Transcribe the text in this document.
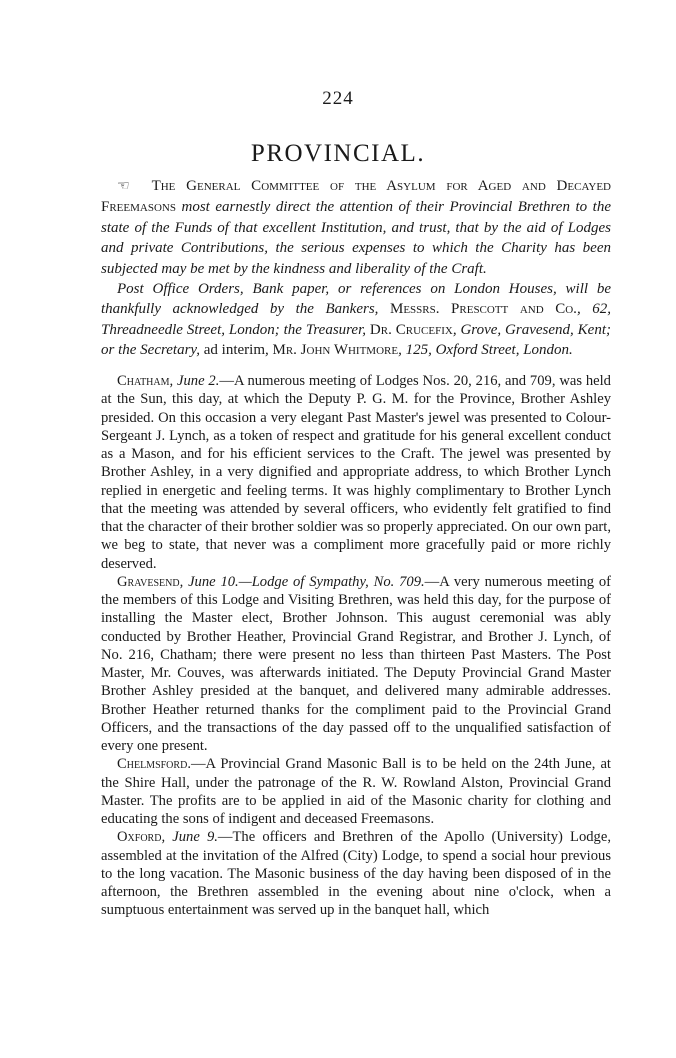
224
PROVINCIAL.

☞ The General Committee of the Asylum for Aged and Decayed Freemasons most earnestly direct the attention of their Provincial Brethren to the state of the Funds of that excellent Institution, and trust, that by the aid of Lodges and private Contributions, the serious expenses to which the Charity has been subjected may be met by the kindness and liberality of the Craft.

Post Office Orders, Bank paper, or references on London Houses, will be thankfully acknowledged by the Bankers, Messrs. Prescott and Co., 62, Threadneedle Street, London; the Treasurer, Dr. Crucefix, Grove, Gravesend, Kent; or the Secretary, ad interim, Mr. John Whitmore, 125, Oxford Street, London.

Chatham, June 2.—A numerous meeting of Lodges Nos. 20, 216, and 709, was held at the Sun, this day, at which the Deputy P. G. M. for the Province, Brother Ashley presided. On this occasion a very elegant Past Master's jewel was presented to Colour-Sergeant J. Lynch, as a token of respect and gratitude for his general excellent conduct as a Mason, and for his efficient services to the Craft. The jewel was presented by Brother Ashley, in a very dignified and appropriate address, to which Brother Lynch replied in energetic and feeling terms. It was highly complimentary to Brother Lynch that the meeting was attended by several officers, who evidently felt gratified to find that the character of their brother soldier was so properly appreciated. On our own part, we beg to state, that never was a compliment more gracefully paid or more richly deserved.

Gravesend, June 10.—Lodge of Sympathy, No. 709.—A very numerous meeting of the members of this Lodge and Visiting Brethren, was held this day, for the purpose of installing the Master elect, Brother Johnson. This august ceremonial was ably conducted by Brother Heather, Provincial Grand Registrar, and Brother J. Lynch, of No. 216, Chatham; there were present no less than thirteen Past Masters. The Post Master, Mr. Couves, was afterwards initiated. The Deputy Provincial Grand Master Brother Ashley presided at the banquet, and delivered many admirable addresses. Brother Heather returned thanks for the compliment paid to the Provincial Grand Officers, and the transactions of the day passed off to the unqualified satisfaction of every one present.

Chelmsford.—A Provincial Grand Masonic Ball is to be held on the 24th June, at the Shire Hall, under the patronage of the R. W. Rowland Alston, Provincial Grand Master. The profits are to be applied in aid of the Masonic charity for clothing and educating the sons of indigent and deceased Freemasons.

Oxford, June 9.—The officers and Brethren of the Apollo (University) Lodge, assembled at the invitation of the Alfred (City) Lodge, to spend a social hour previous to the long vacation. The Masonic business of the day having been disposed of in the afternoon, the Brethren assembled in the evening about nine o'clock, when a sumptuous entertainment was served up in the banquet hall, which
